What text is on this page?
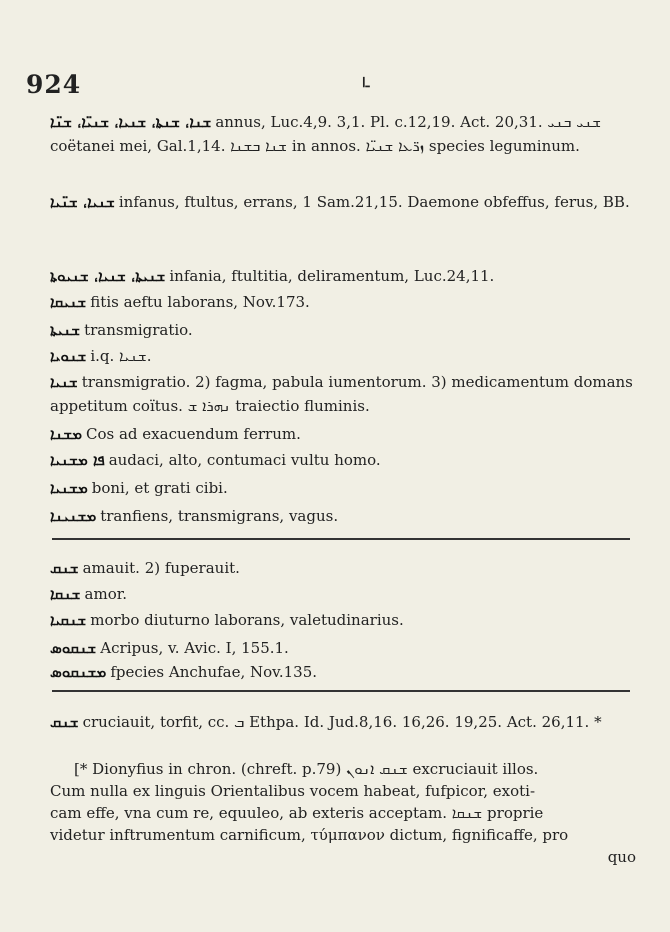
924	ـ‌ا
ܫܢܐ، ܫܢܬܐ، ܫܢܝܐ، ܫܢܝ̈ܐ، ܫܢ̈ܐ annus, Luc.4,9. 3,1. Pl. c.12,19. Act. 20,31. ܫܢܝ ܒܢܝ coëtanei mei, Gal.1,14. ܫܢܐ ܒܫܢܐ in annos. ܙܪ̈ܥܐ ܫܢܝ̈ܐ species leguminum.
ܫܢܝܐ، ܫܢ̈ܝܐ infanus, ftultus, errans, 1 Sam.21,15. Daemone obfeffus, ferus, BB.
ܫܢܝܬܐ، ܫܢܝܐ، ܫܢܝܘܬܐ infania, ftultitia, deliramentum, Luc.24,11.
ܫܢܝܩܐ fitis aeftu laborans, Nov.173.
ܫܢܝܬܐ transmigratio.
ܫܢܘܝܐ i.q. ܫܢܝܐ.
ܫܢܝܐ transmigratio. 2) fagma, pabula iumentorum. 3) medicamentum domans appetitum coïtus. ܢܗܪܐ ܫ traiectio fluminis.
ܡܫܢܐ Cos ad exacuendum ferrum.
ܦܐ ܡܫܢܝܐ audaci, alto, contumaci vultu homo.
ܡܫܢܝܐ boni, et grati cibi.
ܡܫܢܝܢܐ tranfiens, transmigrans, vagus.
ܫܢܩ amauit. 2) fuperauit.
ܫܢܩܐ amor.
ܫܢܩܝܐ morbo diuturno laborans, valetudinarius.
ܫܢܩܘܣ Acripus, v. Avic. I, 155.1.
ܡܫܢܩܘܣ fpecies Anchufae, Nov.135.
ܫܢܩ cruciauit, torfit, cc. ܒ Ethpa. Id. Jud.8,16. 16,26. 19,25. Act. 26,11. *
[* Dionyfius in chron. (chreft. p.79) ܫܢܩ ܐܢܘܢ excruciauit illos.
Cum nulla ex linguis Orientalibus vocem habeat, fufpicor, exoti-
cam effe, vna cum re, equuleo, ab exteris acceptam. ܫܢܩܐ proprie
videtur inftrumentum carnificum, τύμπανον dictum, fignificaffe, pro
quo
